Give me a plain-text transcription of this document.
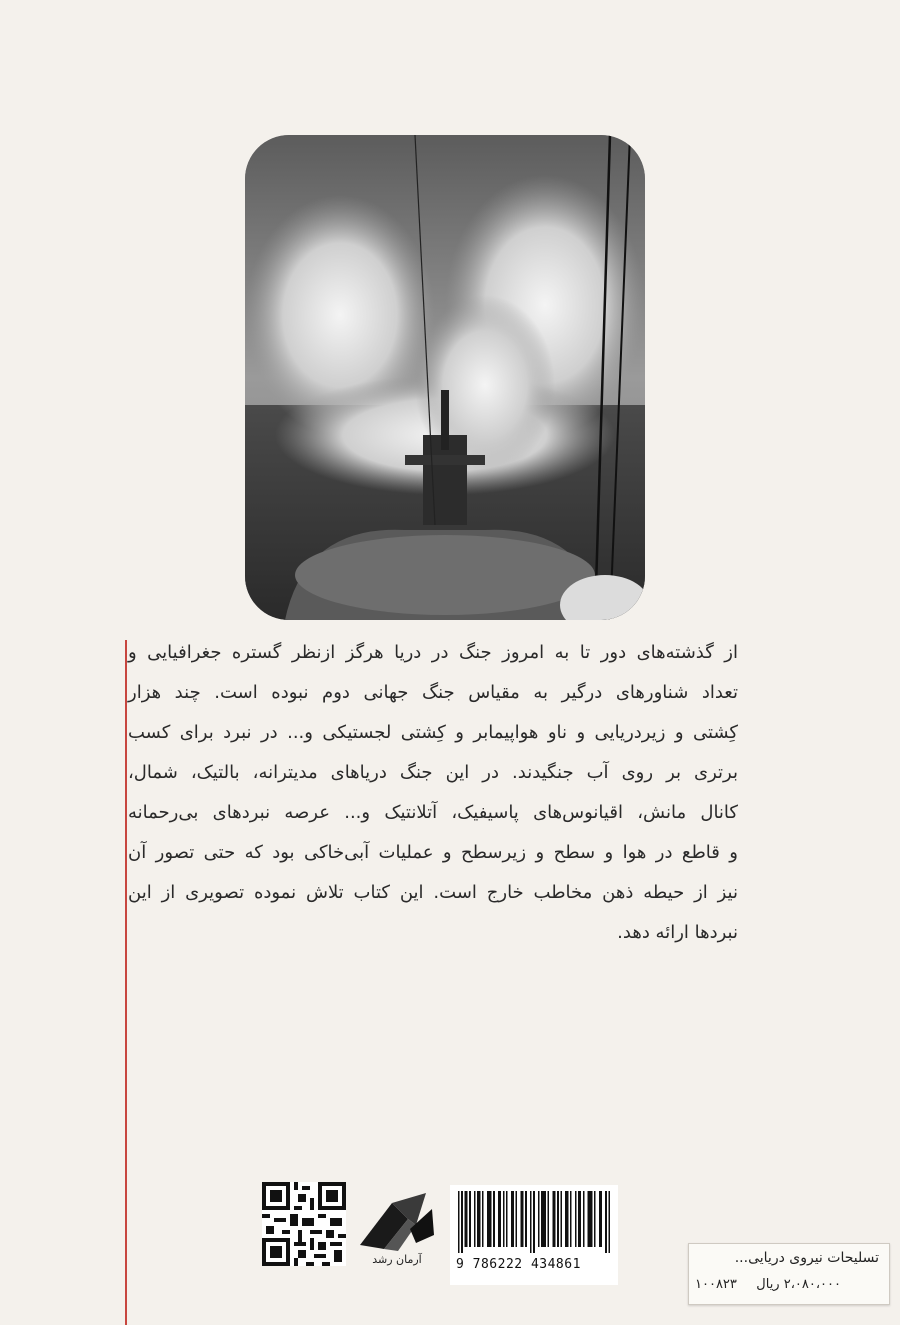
از گذشته‌های دور تا به امروز جنگ در دریا هرگز ازنظر گستره جغرافیایی و
تعداد شناورهای درگیر به مقیاس جنگ جهانی دوم نبوده است. چند هزار
کِشتی و زیردریایی و ناو هواپیمابر و کِشتی لجستیکی و... در نبرد برای کسب
برتری بر روی آب جنگیدند. در این جنگ دریاهای مدیترانه، بالتیک، شمال،
کانال مانش، اقیانوس‌های پاسیفیک، آتلانتیک و... عرصه نبردهای بی‌رحمانه
و قاطع در هوا و سطح و زیرسطح و عملیات آبی‌خاکی بود که حتی تصور آن
نیز از حیطه ذهن مخاطب خارج است. این کتاب تلاش نموده تصویری از این
نبردها ارائه دهد.
آرمان رشد	9 786222 434861	تسلیحات نیروی دریایی...
۲،۰۸۰،۰۰۰ ریال
۱۰۰۸۲۳
